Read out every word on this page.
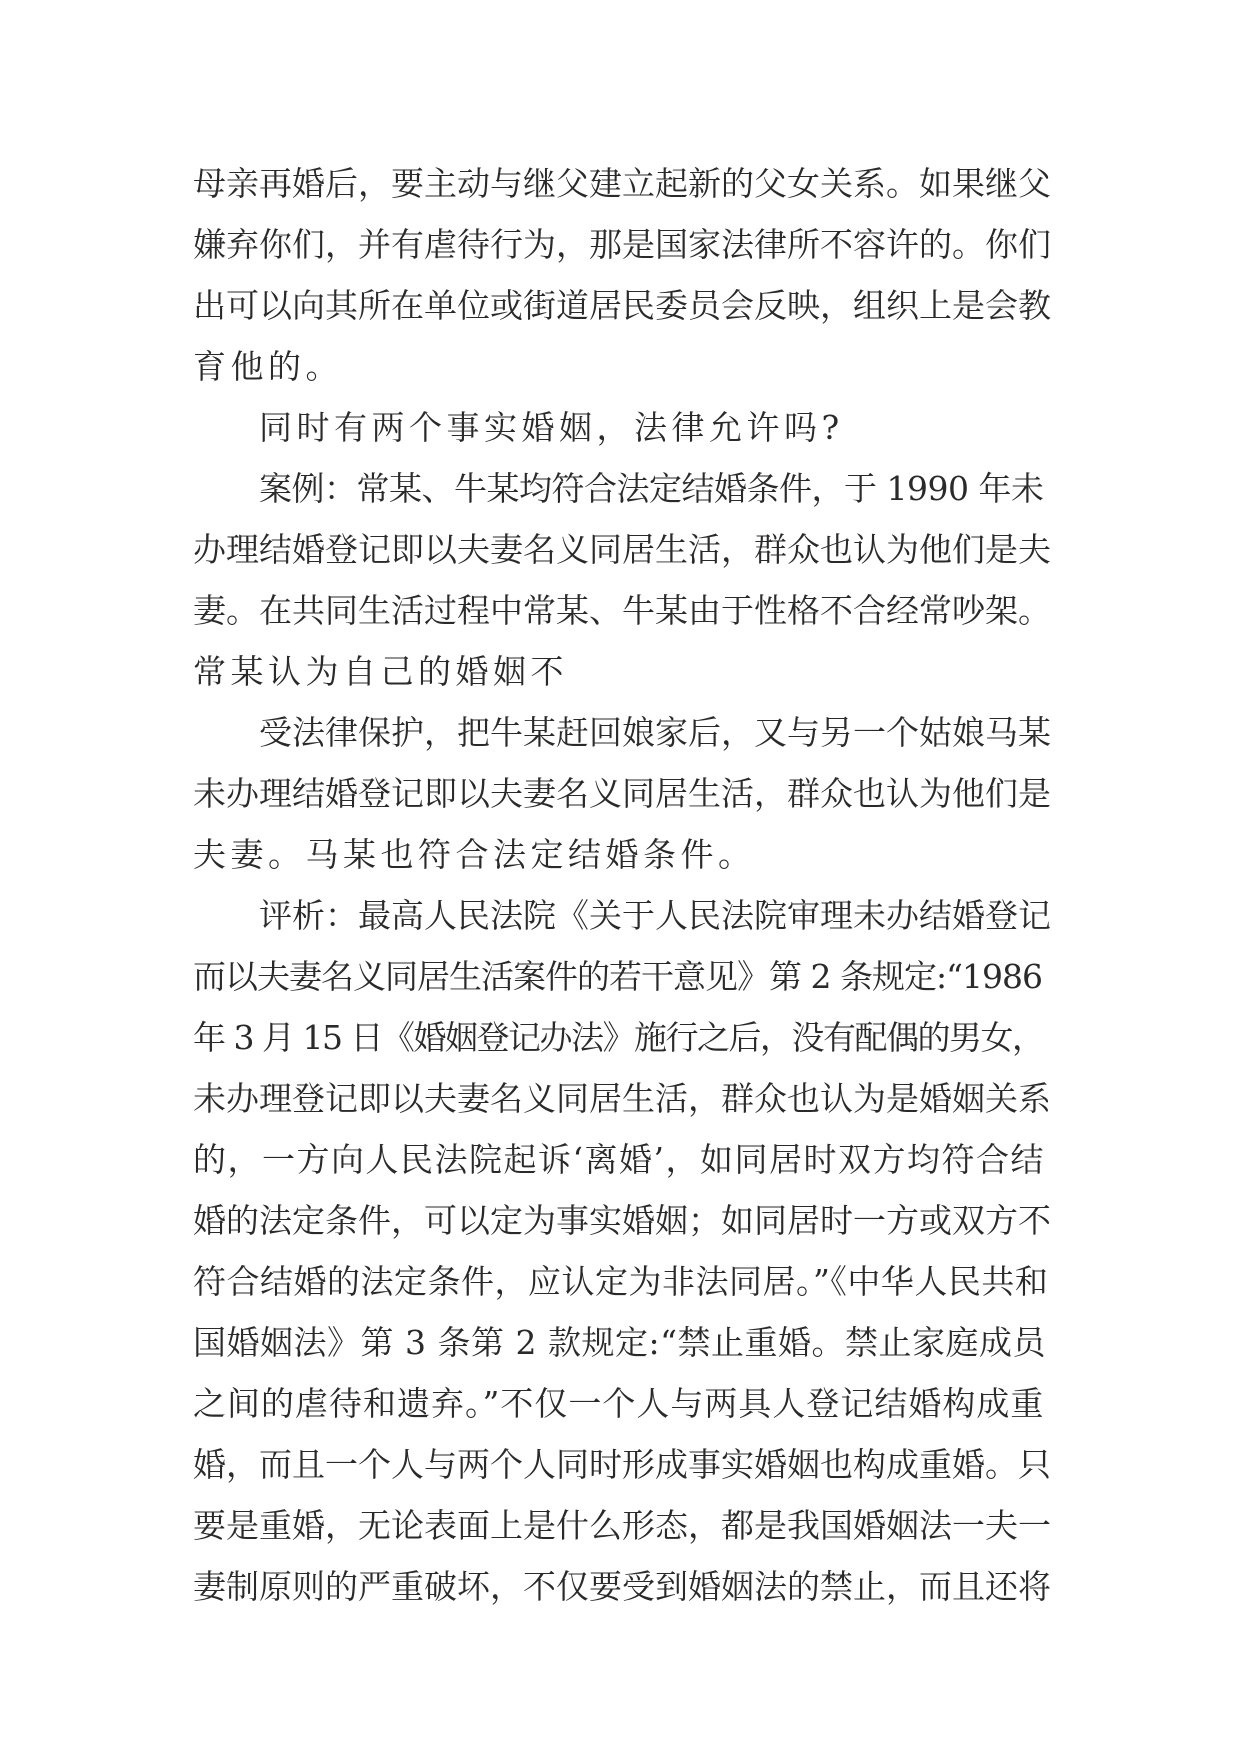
母亲再婚后，要主动与继父建立起新的父女关系。如果继父
嫌弃你们，并有虐待行为，那是国家法律所不容许的。你们
出可以向其所在单位或街道居民委员会反映，组织上是会教
育他的。
同时有两个事实婚姻，法律允许吗?
案例：常某、牛某均符合法定结婚条件，于 1990 年未
办理结婚登记即以夫妻名义同居生活，群众也认为他们是夫
妻。在共同生活过程中常某、牛某由于性格不合经常吵架。
常某认为自己的婚姻不
受法律保护，把牛某赶回娘家后，又与另一个姑娘马某
未办理结婚登记即以夫妻名义同居生活，群众也认为他们是
夫妻。马某也符合法定结婚条件。
评析：最高人民法院《关于人民法院审理未办结婚登记
而以夫妻名义同居生活案件的若干意见》第 2 条规定:“1986
年 3 月 15 日《婚姻登记办法》施行之后，没有配偶的男女，
未办理登记即以夫妻名义同居生活，群众也认为是婚姻关系
的，一方向人民法院起诉‘离婚’，如同居时双方均符合结
婚的法定条件，可以定为事实婚姻；如同居时一方或双方不
符合结婚的法定条件，应认定为非法同居。”《中华人民共和
国婚姻法》第 3 条第 2 款规定:“禁止重婚。禁止家庭成员
之间的虐待和遗弃。”不仅一个人与两具人登记结婚构成重
婚，而且一个人与两个人同时形成事实婚姻也构成重婚。只
要是重婚，无论表面上是什么形态，都是我国婚姻法一夫一
妻制原则的严重破坏，不仅要受到婚姻法的禁止，而且还将
